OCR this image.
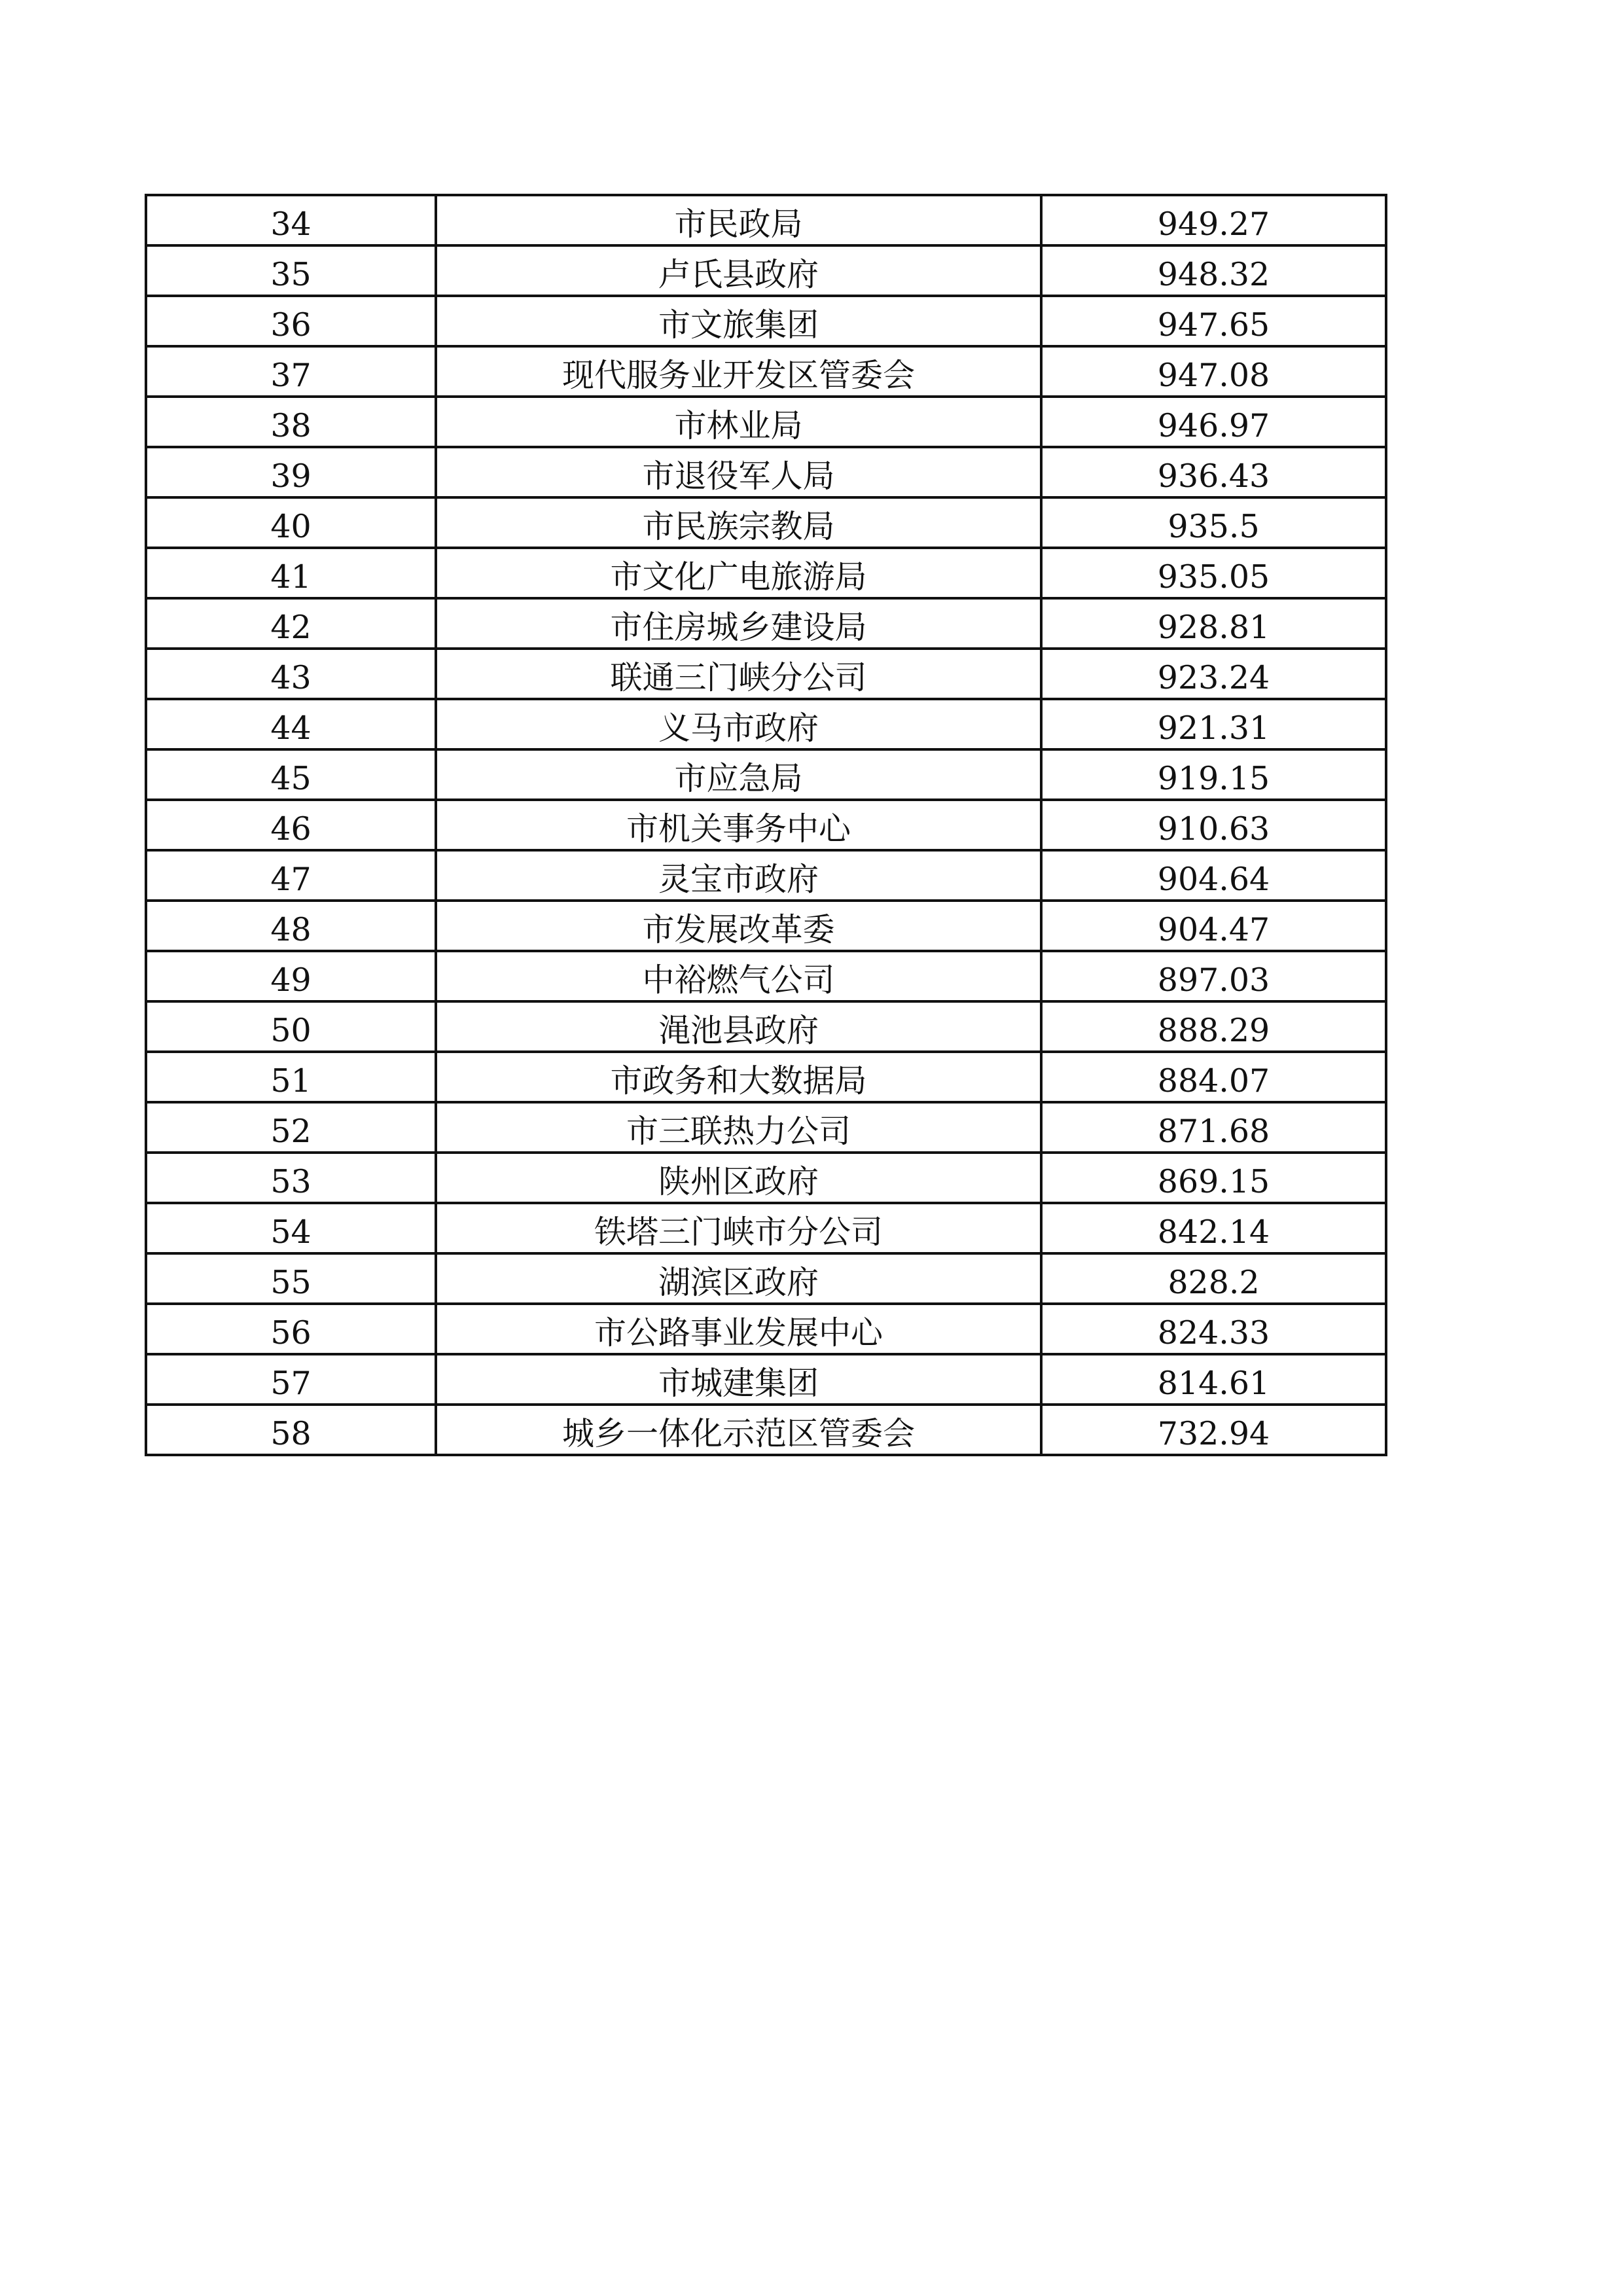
34	市民政局	949.27
35	卢氏县政府	948.32
36	市文旅集团	947.65
37	现代服务业开发区管委会	947.08
38	市林业局	946.97
39	市退役军人局	936.43
40	市民族宗教局	935.5
41	市文化广电旅游局	935.05
42	市住房城乡建设局	928.81
43	联通三门峡分公司	923.24
44	义马市政府	921.31
45	市应急局	919.15
46	市机关事务中心	910.63
47	灵宝市政府	904.64
48	市发展改革委	904.47
49	中裕燃气公司	897.03
50	渑池县政府	888.29
51	市政务和大数据局	884.07
52	市三联热力公司	871.68
53	陕州区政府	869.15
54	铁塔三门峡市分公司	842.14
55	湖滨区政府	828.2
56	市公路事业发展中心	824.33
57	市城建集团	814.61
58	城乡一体化示范区管委会	732.94
